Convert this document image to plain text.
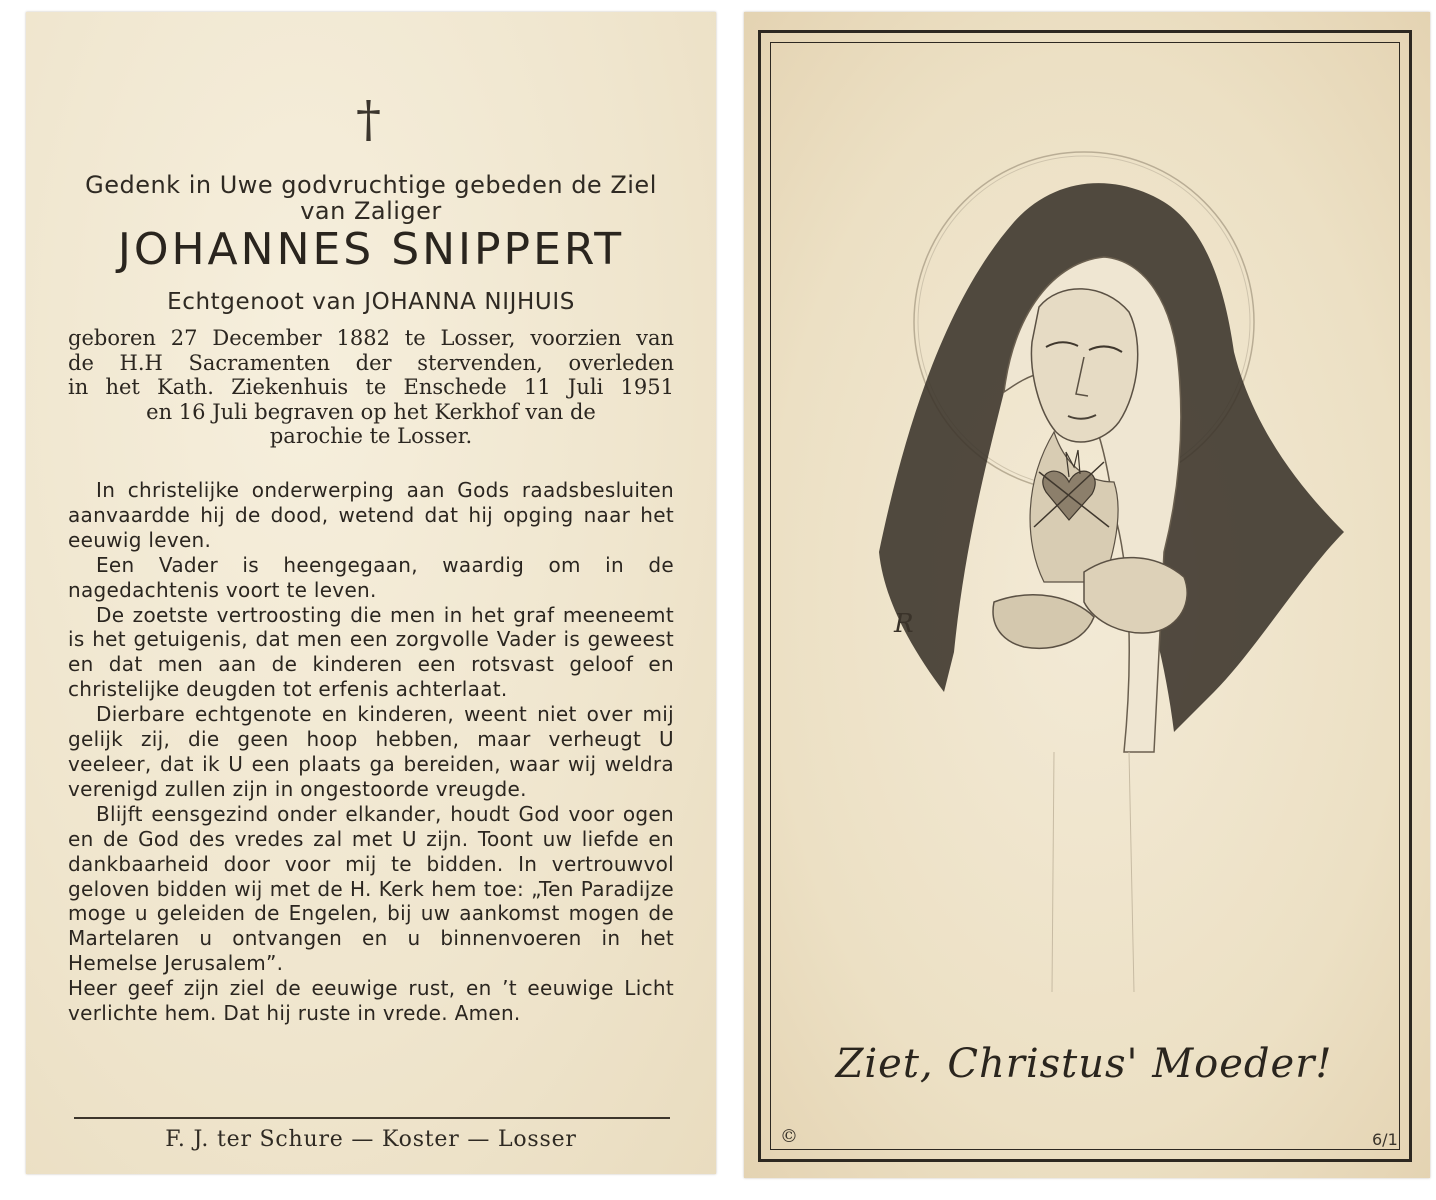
†
Gedenk in Uwe godvruchtige gebeden de Ziel
van Zaliger
JOHANNES SNIPPERT
Echtgenoot van JOHANNA NIJHUIS
geboren 27 December 1882 te Losser, voorzien van
de H.H Sacramenten der stervenden, overleden
in het Kath. Ziekenhuis te Enschede 11 Juli 1951
en 16 Juli begraven op het Kerkhof van de
parochie te Losser.

In christelijke onderwerping aan Gods raadsbesluiten aanvaardde hij de dood, wetend dat hij opging naar het eeuwig leven.

Een Vader is heengegaan, waardig om in de nagedachtenis voort te leven.

De zoetste vertroosting die men in het graf meeneemt is het getuigenis, dat men een zorgvolle Vader is geweest en dat men aan de kinderen een rotsvast geloof en christelijke deugden tot erfenis achterlaat.

Dierbare echtgenote en kinderen, weent niet over mij gelijk zij, die geen hoop hebben, maar verheugt U veeleer, dat ik U een plaats ga bereiden, waar wij weldra verenigd zullen zijn in ongestoorde vreugde.

Blijft eensgezind onder elkander, houdt God voor ogen en de God des vredes zal met U zijn. Toont uw liefde en dankbaarheid door voor mij te bidden. In vertrouwvol geloven bidden wij met de H. Kerk hem toe: „Ten Paradijze moge u geleiden de Engelen, bij uw aankomst mogen de Martelaren u ontvangen en u binnenvoeren in het Hemelse Jerusalem”.

Heer geef zijn ziel de eeuwige rust, en ’t eeuwige Licht verlichte hem. Dat hij ruste in vrede. Amen.

F. J. ter Schure — Koster — Losser
R
Ziet, Christus' Moeder!
©	6/1
